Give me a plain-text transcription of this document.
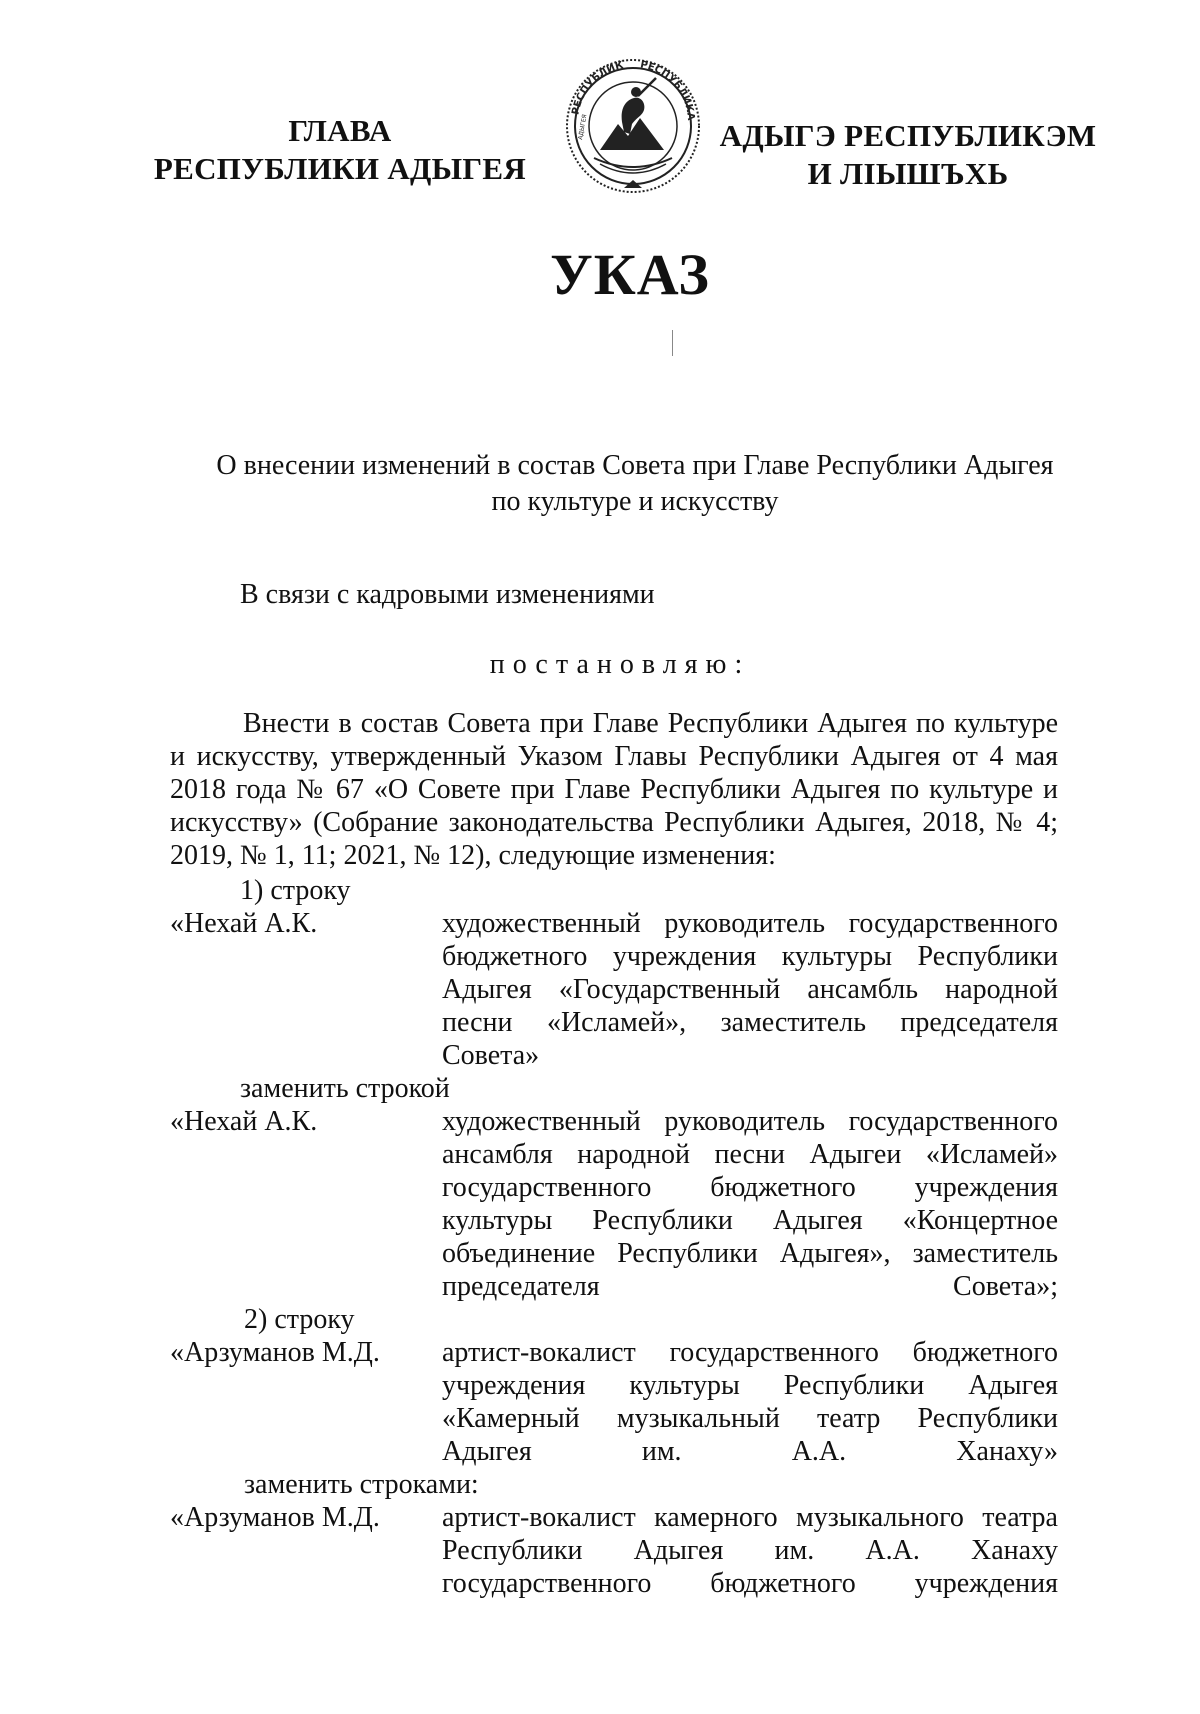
ГЛАВА
РЕСПУБЛИКИ АДЫГЕЯ
РЕСПУБЛИК РЕСПУБЛИКА
АДЫГЕЯ	АДЫГЭ РЕСПУБЛИКЭМ
И ЛІЫШЪХЬ
УКАЗ
О внесении изменений в состав Совета при Главе Республики Адыгея
по культуре и искусству
В связи с кадровыми изменениями
постановляю:
Внести в состав Совета при Главе Республики Адыгея по культуре и искусству, утвержденный Указом Главы Республики Адыгея от 4 мая 2018 года № 67 «О Совете при Главе Республики Адыгея по культуре и искусству» (Собрание законодательства Республики Адыгея, 2018, № 4; 2019, № 1, 11; 2021, № 12), следующие изменения:
1) строку
«Нехай А.К.	художественный руководитель государственного
бюджетного учреждения культуры Республики
Адыгея «Государственный ансамбль народной
песни «Исламей», заместитель председателя
Совета»
заменить строкой
«Нехай А.К.	художественный руководитель государственного
ансамбля народной песни Адыгеи «Исламей»
государственного бюджетного учреждения
культуры Республики Адыгея «Концертное
объединение Республики Адыгея», заместитель
председателя Совета»;
2) строку
«Арзуманов М.Д.	артист-вокалист государственного бюджетного
учреждения культуры Республики Адыгея
«Камерный музыкальный театр Республики
Адыгея им. А.А. Ханаху»
заменить строками:
«Арзуманов М.Д.	артист-вокалист камерного музыкального театра
Республики Адыгея им. А.А. Ханаху
государственного бюджетного учреждения
